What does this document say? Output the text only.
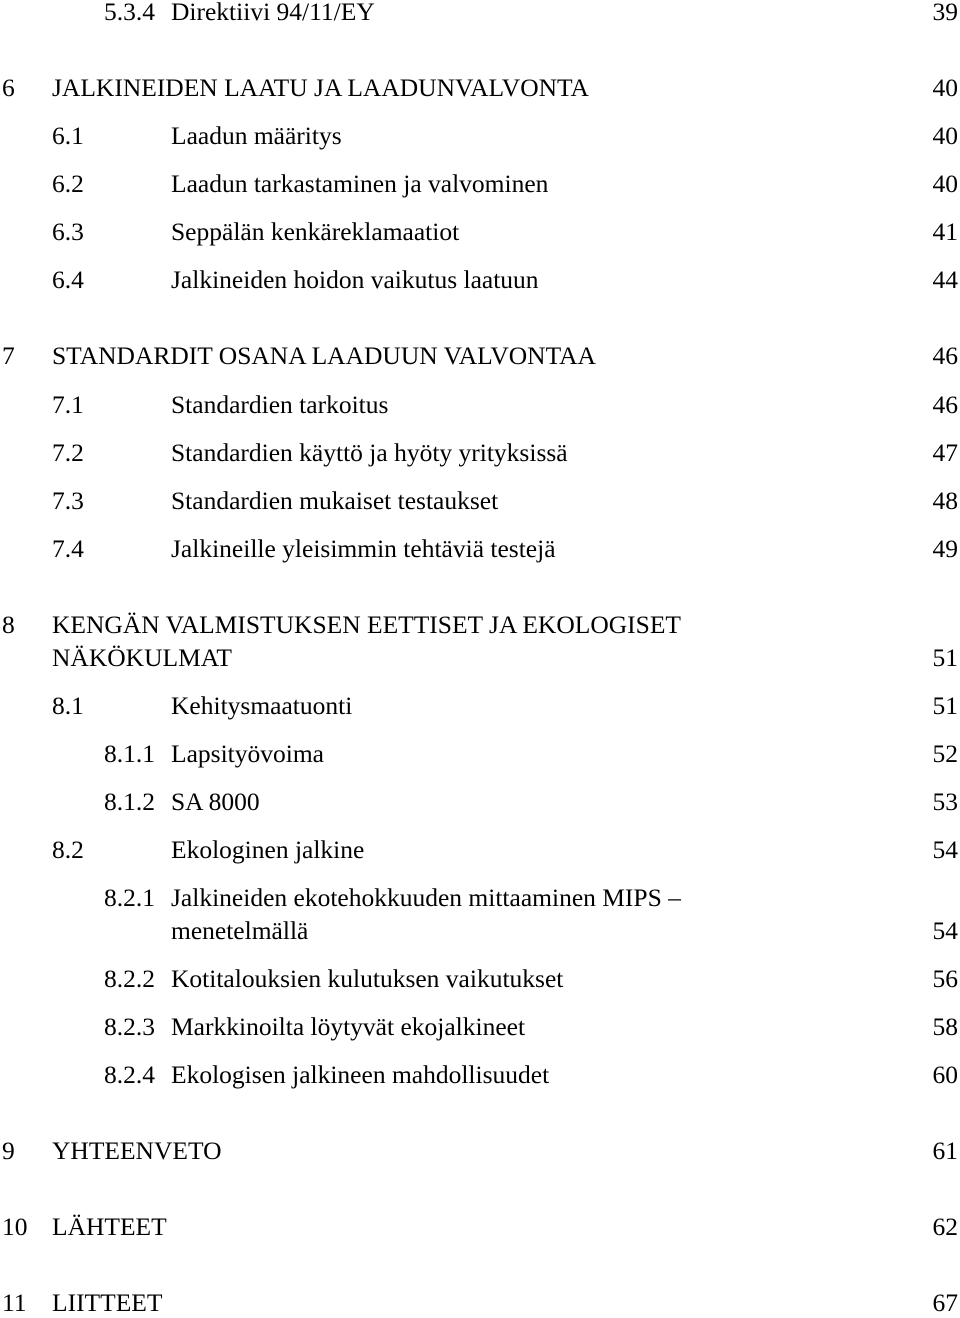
5.3.4 Direktiivi 94/11/EY	39
6 JALKINEIDEN LAATU JA LAADUNVALVONTA	40
6.1	Laadun määritys	40
6.2	Laadun tarkastaminen ja valvominen	40
6.3	Seppälän kenkäreklamaatiot	41
6.4	Jalkineiden hoidon vaikutus laatuun	44
7 STANDARDIT OSANA LAADUUN VALVONTAA	46
7.1	Standardien tarkoitus	46
7.2	Standardien käyttö ja hyöty yrityksissä	47
7.3	Standardien mukaiset testaukset	48
7.4	Jalkineille yleisimmin tehtäviä testejä	49
8 KENGÄN VALMISTUKSEN EETTISET JA EKOLOGISET
NÄKÖKULMAT	51
8.1	Kehitysmaatuonti	51
8.1.1 Lapsityövoima	52
8.1.2 SA 8000	53
8.2	Ekologinen jalkine	54
8.2.1 Jalkineiden ekotehokkuuden mittaaminen MIPS –
menetelmällä	54
8.2.2 Kotitalouksien kulutuksen vaikutukset	56
8.2.3 Markkinoilta löytyvät ekojalkineet	58
8.2.4 Ekologisen jalkineen mahdollisuudet	60
9 YHTEENVETO	61
10 LÄHTEET	62
11 LIITTEET	67
